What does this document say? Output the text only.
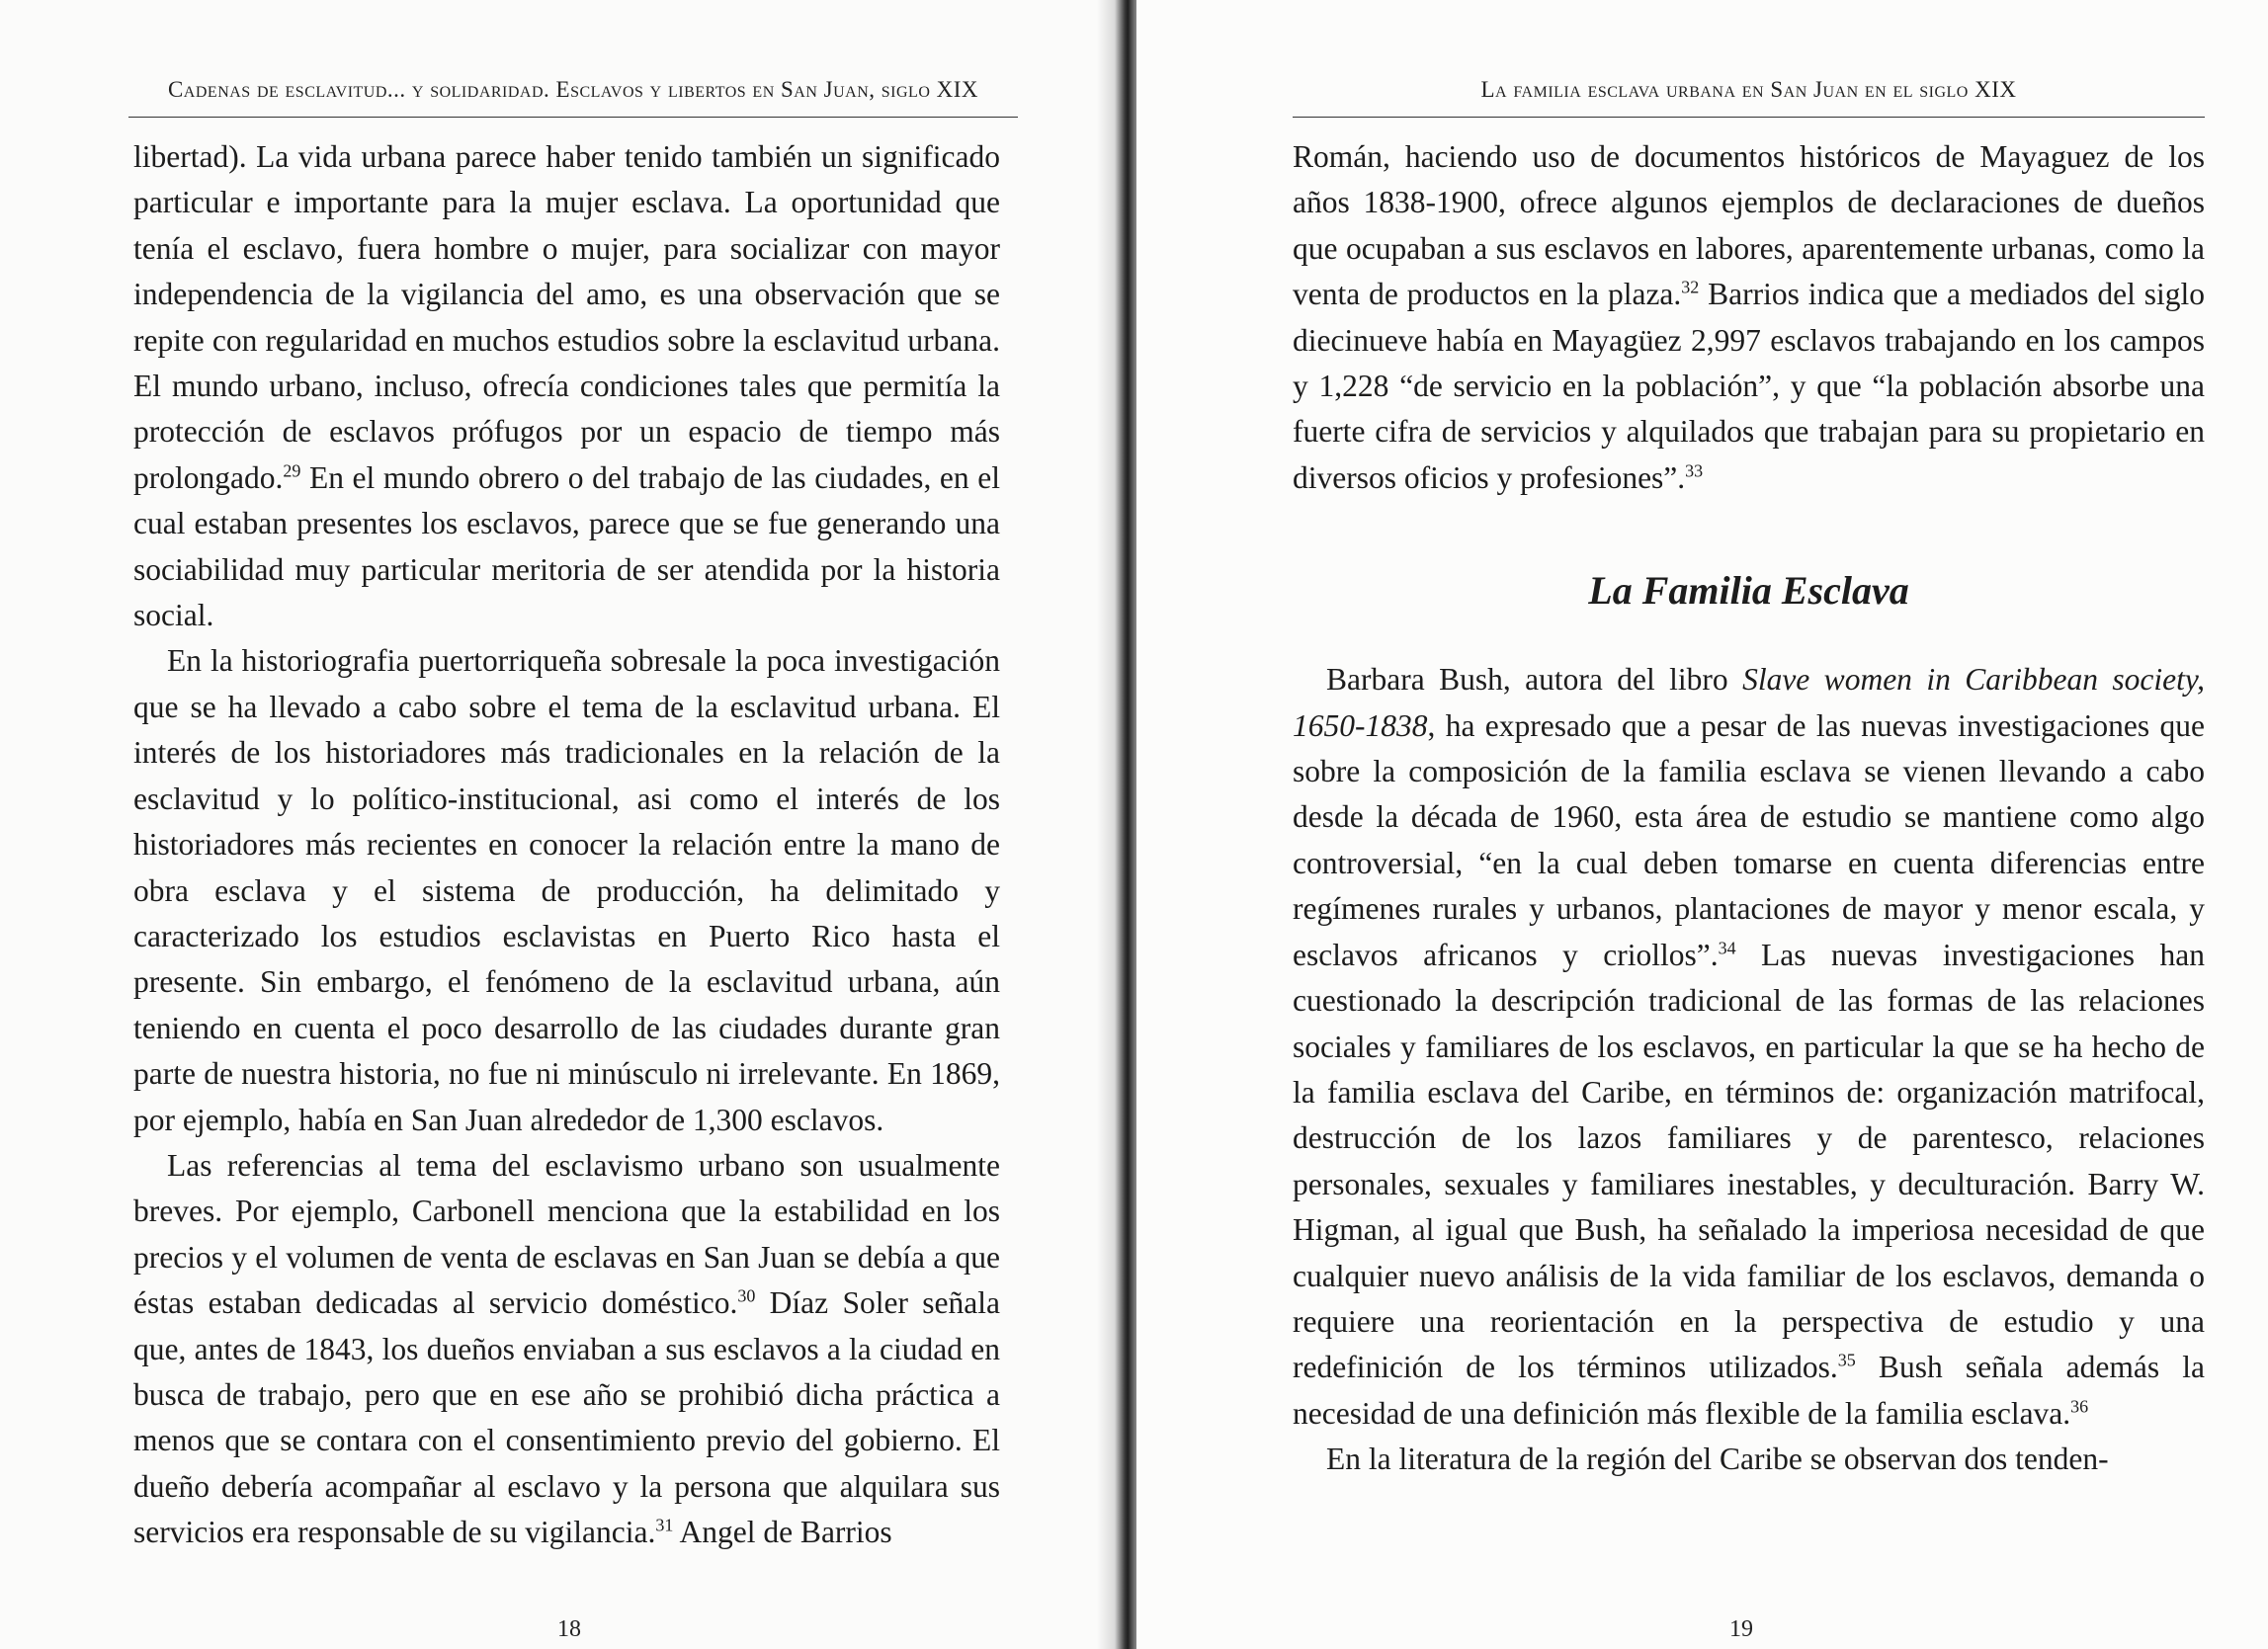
Cadenas de esclavitud... y solidaridad. Esclavos y libertos en San Juan, siglo XIX

libertad). La vida urbana parece haber tenido también un significado particular e importante para la mujer esclava. La oportunidad que tenía el esclavo, fuera hombre o mujer, para socializar con mayor independencia de la vigilancia del amo, es una observación que se repite con regularidad en muchos estudios sobre la esclavitud urbana. El mundo urbano, incluso, ofrecía condiciones tales que permitía la protección de esclavos prófugos por un espacio de tiempo más prolongado.$^{29}$ En el mundo obrero o del trabajo de las ciudades, en el cual estaban presentes los esclavos, parece que se fue generando una sociabilidad muy particular meritoria de ser atendida por la historia social.

En la historiografia puertorriqueña sobresale la poca investigación que se ha llevado a cabo sobre el tema de la esclavitud urbana. El interés de los historiadores más tradicionales en la relación de la esclavitud y lo político-institucional, asi como el interés de los historiadores más recientes en conocer la relación entre la mano de obra esclava y el sistema de producción, ha delimitado y caracterizado los estudios esclavistas en Puerto Rico hasta el presente. Sin embargo, el fenómeno de la esclavitud urbana, aún teniendo en cuenta el poco desarrollo de las ciudades durante gran parte de nuestra historia, no fue ni minúsculo ni irrelevante. En 1869, por ejemplo, había en San Juan alrededor de 1,300 esclavos.

Las referencias al tema del esclavismo urbano son usualmente breves. Por ejemplo, Carbonell menciona que la estabilidad en los precios y el volumen de venta de esclavas en San Juan se debía a que éstas estaban dedicadas al servicio doméstico.$^{30}$ Díaz Soler señala que, antes de 1843, los dueños enviaban a sus esclavos a la ciudad en busca de trabajo, pero que en ese año se prohibió dicha práctica a menos que se contara con el consentimiento previo del gobierno. El dueño debería acompañar al esclavo y la persona que alquilara sus servicios era responsable de su vigilancia.$^{31}$ Angel de Barrios

18
La familia esclava urbana en San Juan en el siglo XIX

Román, haciendo uso de documentos históricos de Mayaguez de los años 1838-1900, ofrece algunos ejemplos de declaraciones de dueños que ocupaban a sus esclavos en labores, aparentemente urbanas, como la venta de productos en la plaza.$^{32}$ Barrios indica que a mediados del siglo diecinueve había en Mayagüez 2,997 esclavos trabajando en los campos y 1,228 “de servicio en la población”, y que “la población absorbe una fuerte cifra de servicios y alquilados que trabajan para su propietario en diversos oficios y profesiones”.$^{33}$

La Familia Esclava

Barbara Bush, autora del libro Slave women in Caribbean society, 1650-1838, ha expresado que a pesar de las nuevas investigaciones que sobre la composición de la familia esclava se vienen llevando a cabo desde la década de 1960, esta área de estudio se mantiene como algo controversial, “en la cual deben tomarse en cuenta diferencias entre regímenes rurales y urbanos, plantaciones de mayor y menor escala, y esclavos africanos y criollos”.$^{34}$ Las nuevas investigaciones han cuestionado la descripción tradicional de las formas de las relaciones sociales y familiares de los esclavos, en particular la que se ha hecho de la familia esclava del Caribe, en términos de: organización matrifocal, destrucción de los lazos familiares y de parentesco, relaciones personales, sexuales y familiares inestables, y deculturación. Barry W. Higman, al igual que Bush, ha señalado la imperiosa necesidad de que cualquier nuevo análisis de la vida familiar de los esclavos, demanda o requiere una reorientación en la perspectiva de estudio y una redefinición de los términos utilizados.$^{35}$ Bush señala además la necesidad de una definición más flexible de la familia esclava.$^{36}$

En la literatura de la región del Caribe se observan dos tenden-

19
